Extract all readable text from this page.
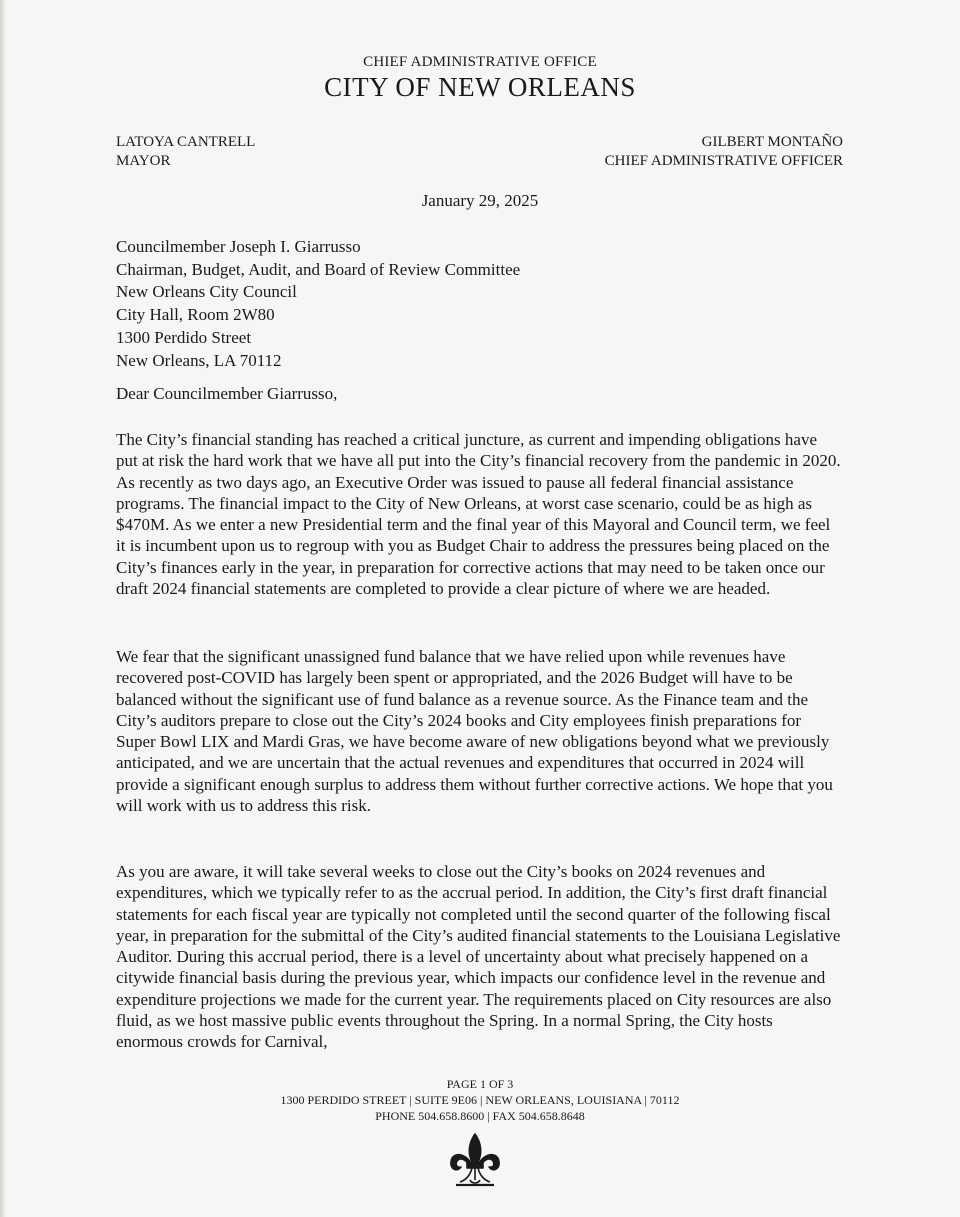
CHIEF ADMINISTRATIVE OFFICE
CITY OF NEW ORLEANS
LATOYA CANTRELL
MAYOR
GILBERT MONTAÑO
CHIEF ADMINISTRATIVE OFFICER
January 29, 2025
Councilmember Joseph I. Giarrusso
Chairman, Budget, Audit, and Board of Review Committee
New Orleans City Council
City Hall, Room 2W80
1300 Perdido Street
New Orleans, LA 70112
Dear Councilmember Giarrusso,

The City’s financial standing has reached a critical juncture, as current and impending obligations have put at risk the hard work that we have all put into the City’s financial recovery from the pandemic in 2020. As recently as two days ago, an Executive Order was issued to pause all federal financial assistance programs. The financial impact to the City of New Orleans, at worst case scenario, could be as high as $470M. As we enter a new Presidential term and the final year of this Mayoral and Council term, we feel it is incumbent upon us to regroup with you as Budget Chair to address the pressures being placed on the City’s finances early in the year, in preparation for corrective actions that may need to be taken once our draft 2024 financial statements are completed to provide a clear picture of where we are headed.

We fear that the significant unassigned fund balance that we have relied upon while revenues have recovered post-COVID has largely been spent or appropriated, and the 2026 Budget will have to be balanced without the significant use of fund balance as a revenue source. As the Finance team and the City’s auditors prepare to close out the City’s 2024 books and City employees finish preparations for Super Bowl LIX and Mardi Gras, we have become aware of new obligations beyond what we previously anticipated, and we are uncertain that the actual revenues and expenditures that occurred in 2024 will provide a significant enough surplus to address them without further corrective actions. We hope that you will work with us to address this risk.

As you are aware, it will take several weeks to close out the City’s books on 2024 revenues and expenditures, which we typically refer to as the accrual period. In addition, the City’s first draft financial statements for each fiscal year are typically not completed until the second quarter of the following fiscal year, in preparation for the submittal of the City’s audited financial statements to the Louisiana Legislative Auditor. During this accrual period, there is a level of uncertainty about what precisely happened on a citywide financial basis during the previous year, which impacts our confidence level in the revenue and expenditure projections we made for the current year. The requirements placed on City resources are also fluid, as we host massive public events throughout the Spring. In a normal Spring, the City hosts enormous crowds for Carnival,

PAGE 1 OF 3
1300 PERDIDO STREET | SUITE 9E06 | NEW ORLEANS, LOUISIANA | 70112
PHONE 504.658.8600 | FAX 504.658.8648
